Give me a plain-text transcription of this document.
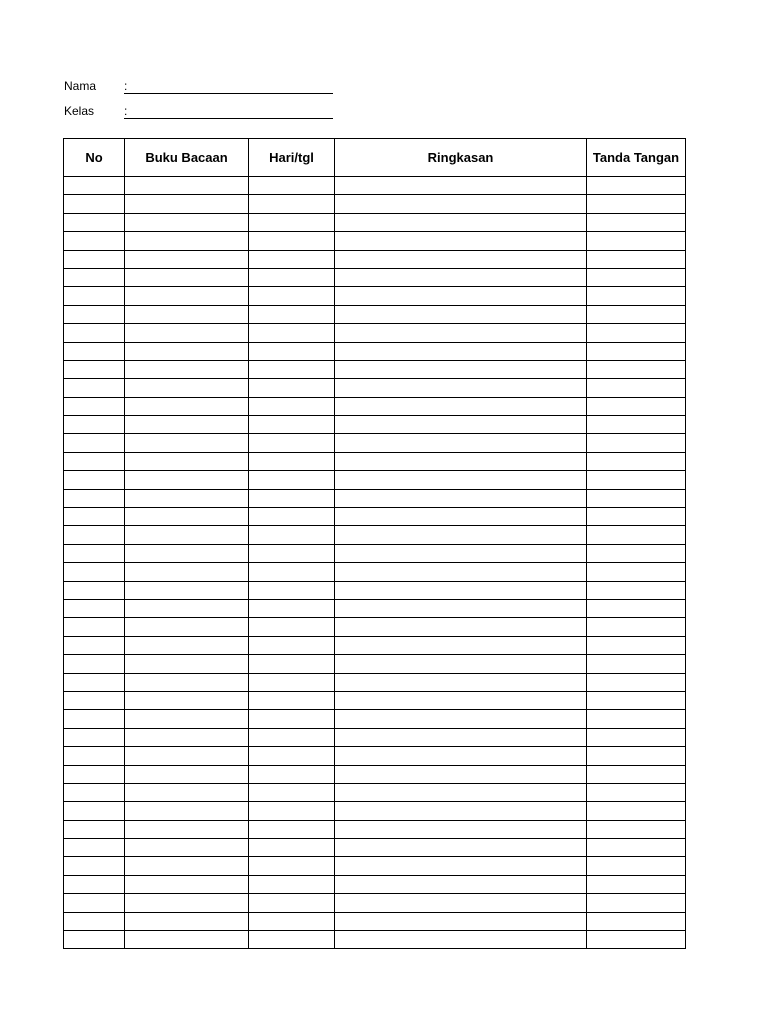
Nama :
Kelas :
No	Buku Bacaan	Hari/tgl	Ringkasan	Tanda Tangan
